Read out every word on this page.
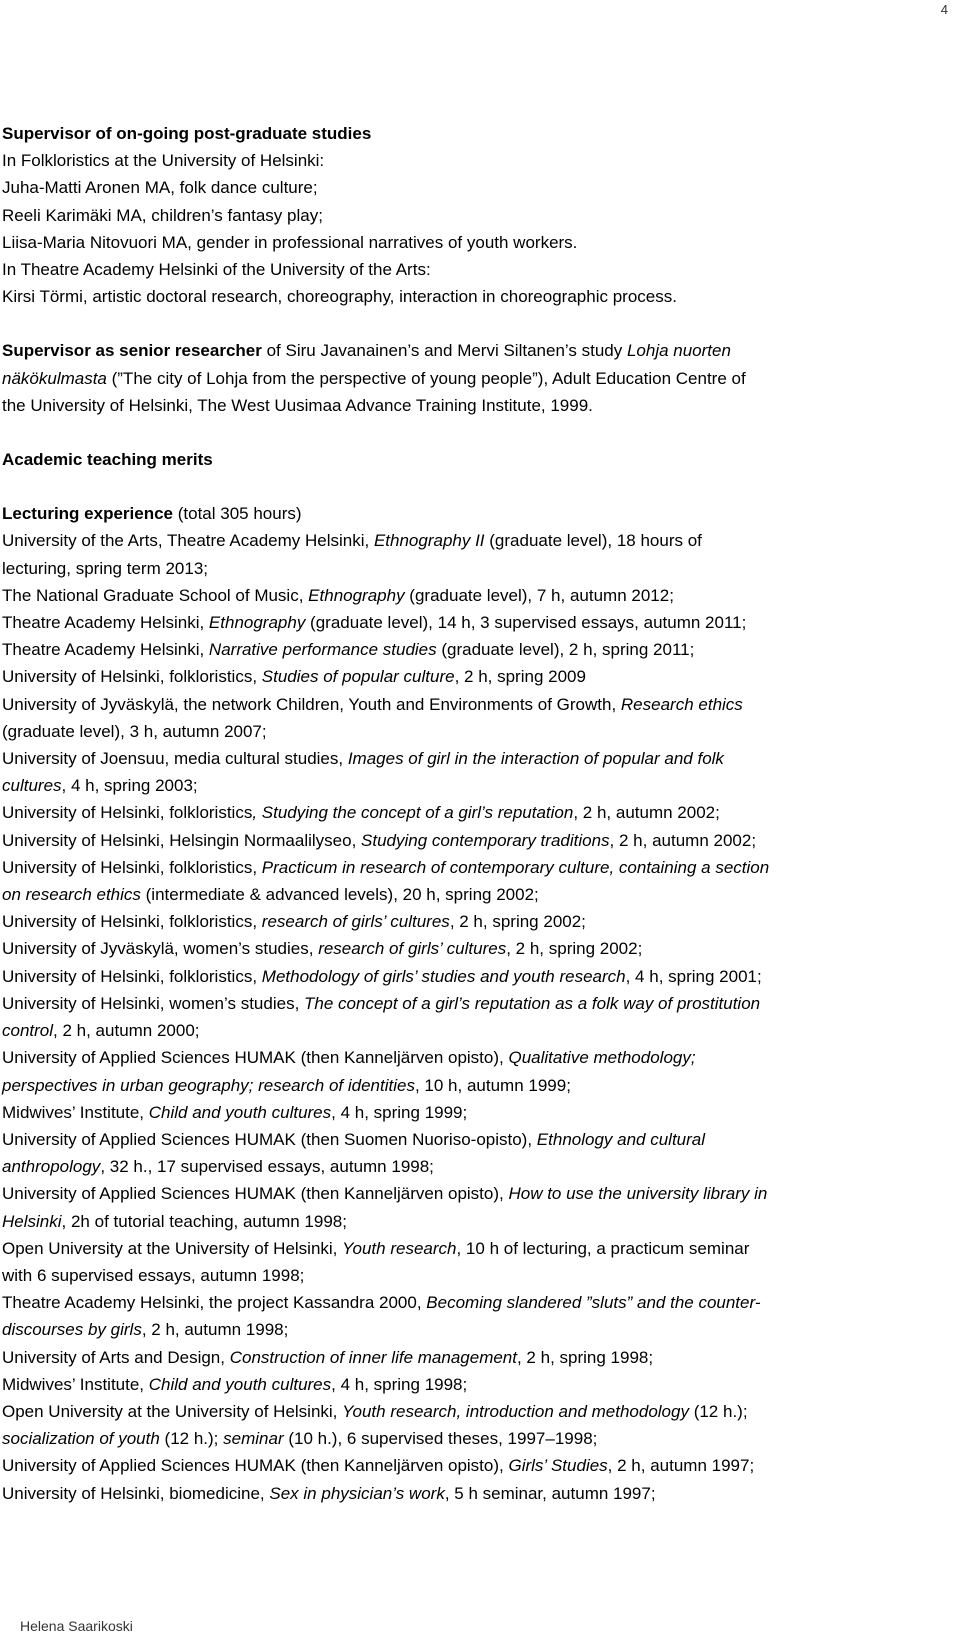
4
Supervisor of on-going post-graduate studies
In Folkloristics at the University of Helsinki:
Juha-Matti Aronen MA, folk dance culture;
Reeli Karimäki MA, children’s fantasy play;
Liisa-Maria Nitovuori MA, gender in professional narratives of youth workers.
In Theatre Academy Helsinki of the University of the Arts:
Kirsi Törmi, artistic doctoral research, choreography, interaction in choreographic process.
Supervisor as senior researcher of Siru Javanainen’s and Mervi Siltanen’s study Lohja nuorten
näkökulmasta (”The city of Lohja from the perspective of young people”), Adult Education Centre of
the University of Helsinki, The West Uusimaa Advance Training Institute, 1999.
Academic teaching merits
Lecturing experience (total 305 hours)
University of the Arts, Theatre Academy Helsinki, Ethnography II (graduate level), 18 hours of
lecturing, spring term 2013;
The National Graduate School of Music, Ethnography (graduate level), 7 h, autumn 2012;
Theatre Academy Helsinki, Ethnography (graduate level), 14 h, 3 supervised essays, autumn 2011;
Theatre Academy Helsinki, Narrative performance studies (graduate level), 2 h, spring 2011;
University of Helsinki, folkloristics, Studies of popular culture, 2 h, spring 2009
University of Jyväskylä, the network Children, Youth and Environments of Growth, Research ethics
(graduate level), 3 h, autumn 2007;
University of Joensuu, media cultural studies, Images of girl in the interaction of popular and folk
cultures, 4 h, spring 2003;
University of Helsinki, folkloristics, Studying the concept of a girl’s reputation, 2 h, autumn 2002;
University of Helsinki, Helsingin Normaalilyseo, Studying contemporary traditions, 2 h, autumn 2002;
University of Helsinki, folkloristics, Practicum in research of contemporary culture, containing a section
on research ethics (intermediate & advanced levels), 20 h, spring 2002;
University of Helsinki, folkloristics, research of girls’ cultures, 2 h, spring 2002;
University of Jyväskylä, women’s studies, research of girls’ cultures, 2 h, spring 2002;
University of Helsinki, folkloristics, Methodology of girls’ studies and youth research, 4 h, spring 2001;
University of Helsinki, women’s studies, The concept of a girl’s reputation as a folk way of prostitution
control, 2 h, autumn 2000;
University of Applied Sciences HUMAK (then Kanneljärven opisto), Qualitative methodology;
perspectives in urban geography; research of identities, 10 h, autumn 1999;
Midwives’ Institute, Child and youth cultures, 4 h, spring 1999;
University of Applied Sciences HUMAK (then Suomen Nuoriso-opisto), Ethnology and cultural
anthropology, 32 h., 17 supervised essays, autumn 1998;
University of Applied Sciences HUMAK (then Kanneljärven opisto), How to use the university library in
Helsinki, 2h of tutorial teaching, autumn 1998;
Open University at the University of Helsinki, Youth research, 10 h of lecturing, a practicum seminar
with 6 supervised essays, autumn 1998;
Theatre Academy Helsinki, the project Kassandra 2000, Becoming slandered ”sluts” and the counter-
discourses by girls, 2 h, autumn 1998;
University of Arts and Design, Construction of inner life management, 2 h, spring 1998;
Midwives’ Institute, Child and youth cultures, 4 h, spring 1998;
Open University at the University of Helsinki, Youth research, introduction and methodology (12 h.);
socialization of youth (12 h.); seminar (10 h.), 6 supervised theses, 1997–1998;
University of Applied Sciences HUMAK (then Kanneljärven opisto), Girls’ Studies, 2 h, autumn 1997;
University of Helsinki, biomedicine, Sex in physician’s work, 5 h seminar, autumn 1997;
Helena Saarikoski
